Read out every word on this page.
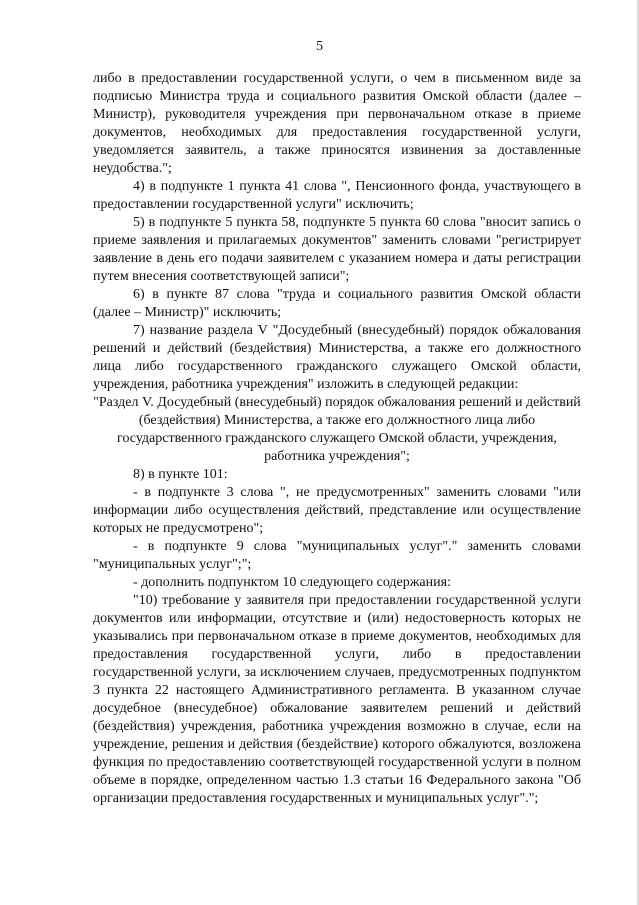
5

либо в предоставлении государственной услуги, о чем в письменном виде за подписью Министра труда и социального развития Омской области (далее – Министр), руководителя учреждения при первоначальном отказе в приеме документов, необходимых для предоставления государственной услуги, уведомляется заявитель, а также приносятся извинения за доставленные неудобства.";

4) в подпункте 1 пункта 41 слова ", Пенсионного фонда, участвующего в предоставлении государственной услуги" исключить;

5) в подпункте 5 пункта 58, подпункте 5 пункта 60 слова "вносит запись о приеме заявления и прилагаемых документов" заменить словами "регистрирует заявление в день его подачи заявителем с указанием номера и даты регистрации путем внесения соответствующей записи";

6) в пункте 87 слова "труда и социального развития Омской области (далее – Министр)" исключить;

7) название раздела V "Досудебный (внесудебный) порядок обжалования решений и действий (бездействия) Министерства, а также его должностного лица либо государственного гражданского служащего Омской области, учреждения, работника учреждения" изложить в следующей редакции:

"Раздел V. Досудебный (внесудебный) порядок обжалования решений и действий (бездействия) Министерства, а также его должностного лица либо государственного гражданского служащего Омской области, учреждения, работника учреждения";

8) в пункте 101:

- в подпункте 3 слова ", не предусмотренных" заменить словами "или информации либо осуществления действий, представление или осуществление которых не предусмотрено";

- в подпункте 9 слова "муниципальных услуг"." заменить словами "муниципальных услуг";";

- дополнить подпунктом 10 следующего содержания:

"10) требование у заявителя при предоставлении государственной услуги документов или информации, отсутствие и (или) недостоверность которых не указывались при первоначальном отказе в приеме документов, необходимых для предоставления государственной услуги, либо в предоставлении государственной услуги, за исключением случаев, предусмотренных подпунктом 3 пункта 22 настоящего Административного регламента. В указанном случае досудебное (внесудебное) обжалование заявителем решений и действий (бездействия) учреждения, работника учреждения возможно в случае, если на учреждение, решения и действия (бездействие) которого обжалуются, возложена функция по предоставлению соответствующей государственной услуги в полном объеме в порядке, определенном частью 1.3 статьи 16 Федерального закона "Об организации предоставления государственных и муниципальных услуг".";
